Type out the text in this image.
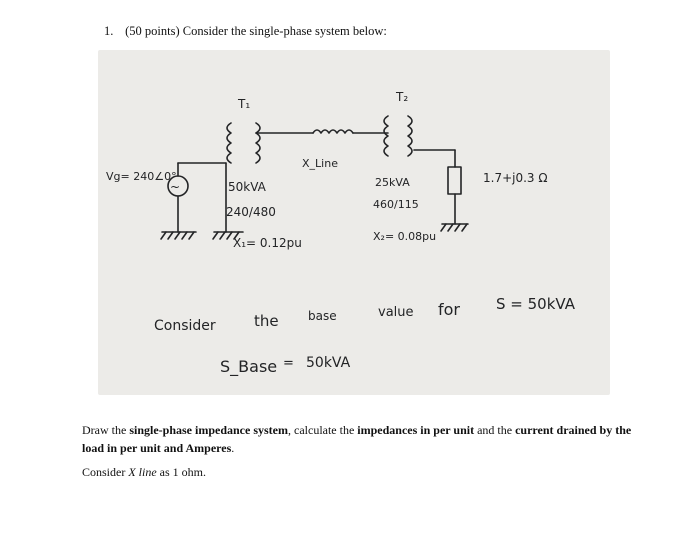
1. (50 points) Consider the single-phase system below:
~
Vg= 240∠0°
T₁	T₂
X_Line
50kVA
240/480
X₁= 0.12pu
25kVA
460/115
X₂= 0.08pu
1.7+j0.3 Ω
Consider	the base	value for S = 50kVA
S_Base = 50kVA

Draw the single-phase impedance system, calculate the impedances in per unit and the current drained by the load in per unit and Amperes.

Consider X line as 1 ohm.
